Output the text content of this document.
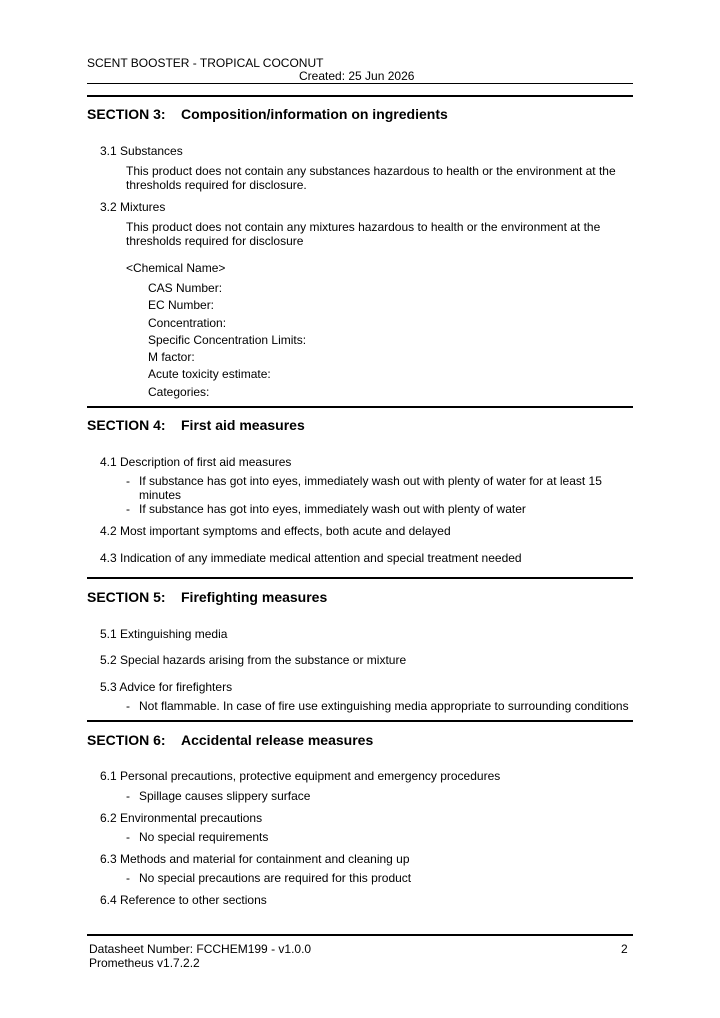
SCENT BOOSTER - TROPICAL COCONUT
Created: 25 Jun 2026
SECTION 3: Composition/information on ingredients
3.1 Substances
This product does not contain any substances hazardous to health or the environment at the thresholds required for disclosure.
3.2 Mixtures
This product does not contain any mixtures hazardous to health or the environment at the thresholds required for disclosure
<Chemical Name>
CAS Number:
EC Number:
Concentration:
Specific Concentration Limits:
M factor:
Acute toxicity estimate:
Categories:
SECTION 4: First aid measures
4.1 Description of first aid measures
- If substance has got into eyes, immediately wash out with plenty of water for at least 15
minutes
- If substance has got into eyes, immediately wash out with plenty of water
4.2 Most important symptoms and effects, both acute and delayed
4.3 Indication of any immediate medical attention and special treatment needed
SECTION 5: Firefighting measures
5.1 Extinguishing media
5.2 Special hazards arising from the substance or mixture
5.3 Advice for firefighters
- Not flammable. In case of fire use extinguishing media appropriate to surrounding conditions
SECTION 6: Accidental release measures
6.1 Personal precautions, protective equipment and emergency procedures
- Spillage causes slippery surface
6.2 Environmental precautions
- No special requirements
6.3 Methods and material for containment and cleaning up
- No special precautions are required for this product
6.4 Reference to other sections
Datasheet Number: FCCHEM199 - v1.0.0
Prometheus v1.7.2.2
2
